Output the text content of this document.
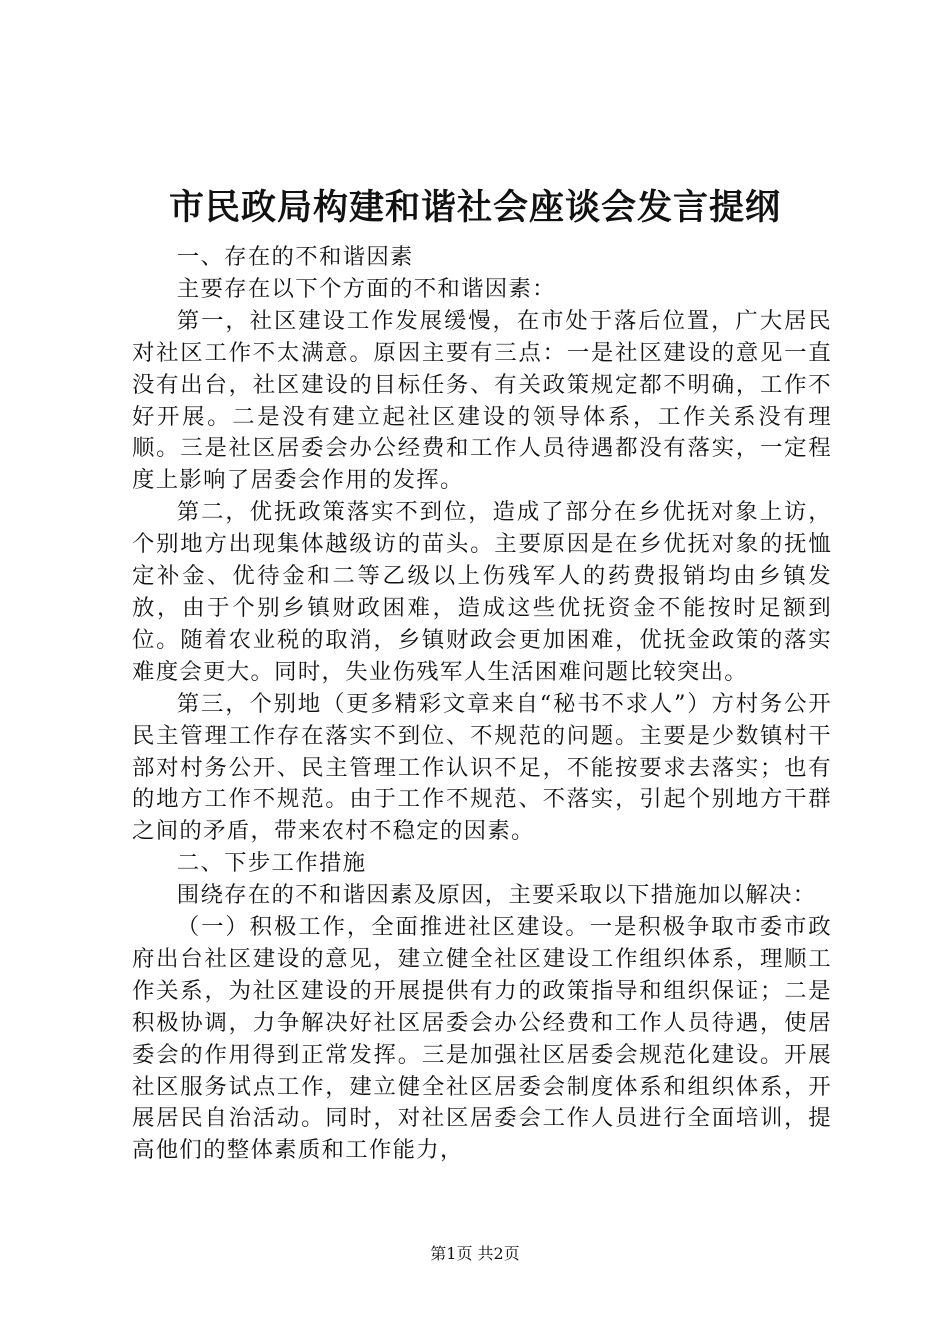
市民政局构建和谐社会座谈会发言提纲

一、存在的不和谐因素

主要存在以下个方面的不和谐因素：

第一，社区建设工作发展缓慢，在市处于落后位置，广大居民对社区工作不太满意。原因主要有三点：一是社区建设的意见一直没有出台，社区建设的目标任务、有关政策规定都不明确，工作不好开展。二是没有建立起社区建设的领导体系，工作关系没有理顺。三是社区居委会办公经费和工作人员待遇都没有落实，一定程度上影响了居委会作用的发挥。

第二，优抚政策落实不到位，造成了部分在乡优抚对象上访，个别地方出现集体越级访的苗头。主要原因是在乡优抚对象的抚恤定补金、优待金和二等乙级以上伤残军人的药费报销均由乡镇发放，由于个别乡镇财政困难，造成这些优抚资金不能按时足额到位。随着农业税的取消，乡镇财政会更加困难，优抚金政策的落实难度会更大。同时，失业伤残军人生活困难问题比较突出。

第三，个别地（更多精彩文章来自“秘书不求人”）方村务公开民主管理工作存在落实不到位、不规范的问题。主要是少数镇村干部对村务公开、民主管理工作认识不足，不能按要求去落实；也有的地方工作不规范。由于工作不规范、不落实，引起个别地方干群之间的矛盾，带来农村不稳定的因素。

二、下步工作措施

围绕存在的不和谐因素及原因，主要采取以下措施加以解决：

（一）积极工作，全面推进社区建设。一是积极争取市委市政府出台社区建设的意见，建立健全社区建设工作组织体系，理顺工作关系，为社区建设的开展提供有力的政策指导和组织保证；二是积极协调，力争解决好社区居委会办公经费和工作人员待遇，使居委会的作用得到正常发挥。三是加强社区居委会规范化建设。开展社区服务试点工作，建立健全社区居委会制度体系和组织体系，开展居民自治活动。同时，对社区居委会工作人员进行全面培训，提高他们的整体素质和工作能力，

第1页 共2页
